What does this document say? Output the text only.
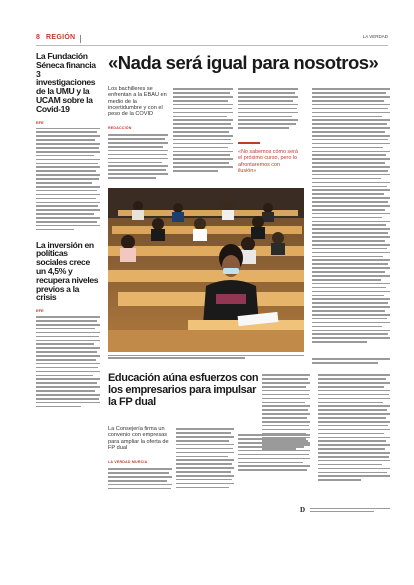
8 REGIÓN	LA VERDAD
La Fundación Séneca financia 3 investigaciones de la UMU y la UCAM sobre la Covid-19
EFE
La inversión en políticas sociales crece un 4,5% y recupera niveles previos a la crisis
EFE
«Nada será igual para nosotros»
Los bachilleres se enfrentan a la EBAU en medio de la incertidumbre y con el peso de la COVID
REDACCIÓN
«No sabemos cómo será el próximo curso, pero lo afrontaremos con ilusión»
Educación aúna esfuerzos con los empresarios para impulsar la FP dual
La Consejería firma un convenio con empresas para ampliar la oferta de FP dual
LA VERDAD MURCIA
D
